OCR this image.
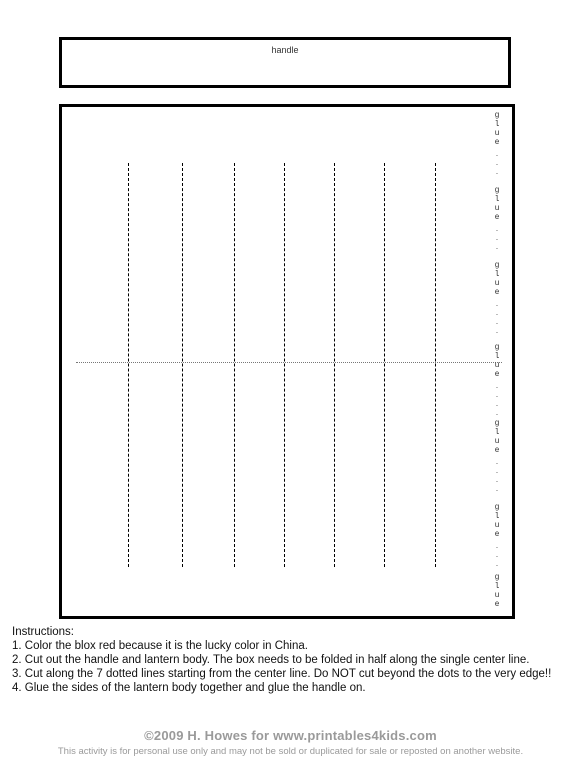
handle
g
l
u
e
.
.
.
g
l
u
e
.
.
.
g
l
u
e
.
.
.
.
g
l
u
e
.
.
.
.
g
l
u
e
.
.
.
.
g
l
u
e
.
.
.
g
l
u
e

Instructions:

1. Color the blox red because it is the lucky color in China.

2. Cut out the handle and lantern body. The box needs to be folded in half along the single center line.

3. Cut along the 7 dotted lines starting from the center line. Do NOT cut beyond the dots to the very edge!!

4. Glue the sides of the lantern body together and glue the handle on.

©2009 H. Howes for www.printables4kids.com
This activity is for personal use only and may not be sold or duplicated for sale or reposted on another website.
